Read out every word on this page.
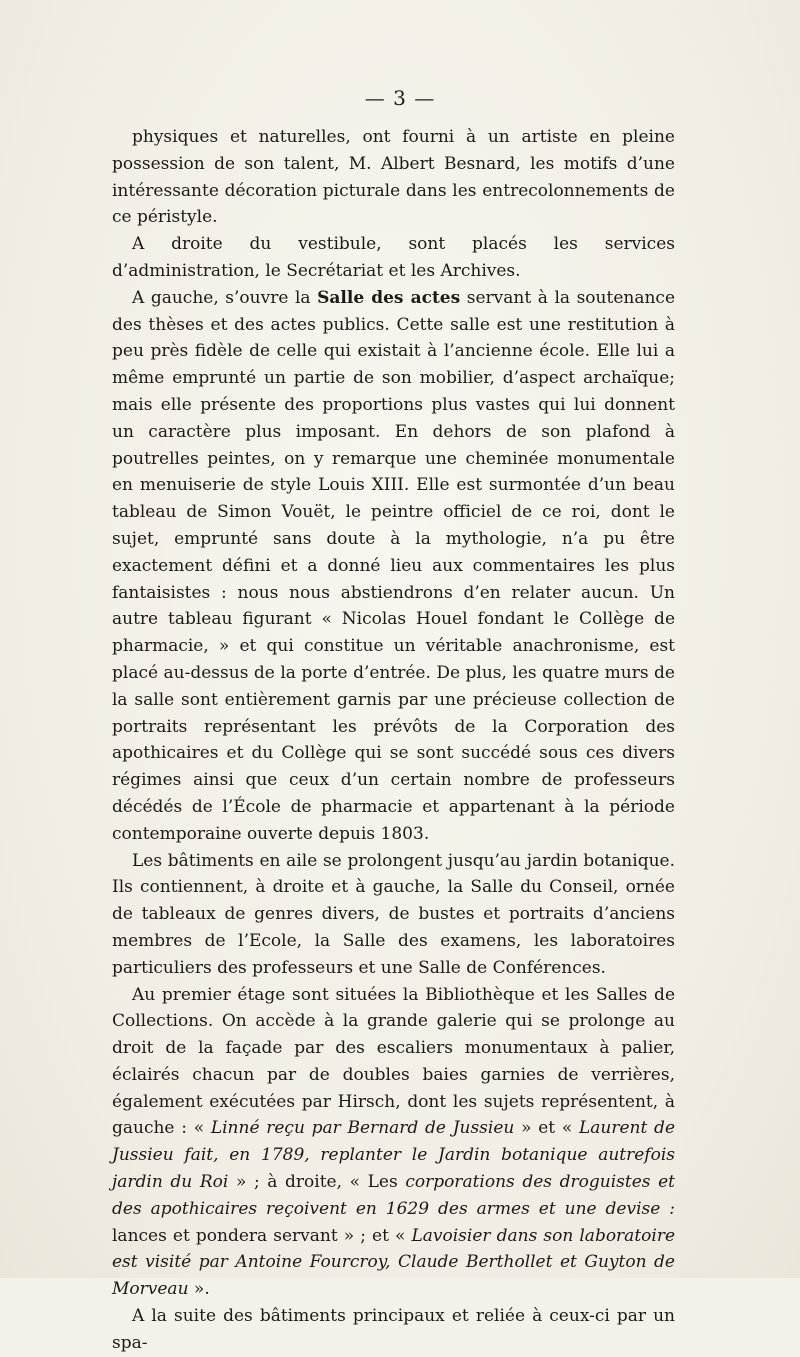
— 3 —

physiques et naturelles, ont fourni à un artiste en pleine possession de son talent, M. Albert Besnard, les motifs d’une intéressante décoration picturale dans les entrecolonnements de ce péristyle.

A droite du vestibule, sont placés les services d’administration, le Secrétariat et les Archives.

A gauche, s’ouvre la Salle des actes servant à la soutenance des thèses et des actes publics. Cette salle est une restitution à peu près fidèle de celle qui existait à l’ancienne école. Elle lui a même emprunté un partie de son mobilier, d’aspect archaïque; mais elle présente des proportions plus vastes qui lui donnent un caractère plus imposant. En dehors de son plafond à poutrelles peintes, on y remarque une cheminée monumentale en menuiserie de style Louis XIII. Elle est surmontée d’un beau tableau de Simon Vouët, le peintre officiel de ce roi, dont le sujet, emprunté sans doute à la mythologie, n’a pu être exactement défini et a donné lieu aux commentaires les plus fantaisistes : nous nous abstiendrons d’en relater aucun. Un autre tableau figurant « Nicolas Houel fondant le Collège de pharmacie, » et qui constitue un véritable anachronisme, est placé au-dessus de la porte d’entrée. De plus, les quatre murs de la salle sont entièrement garnis par une précieuse collection de portraits représentant les prévôts de la Corporation des apothicaires et du Collège qui se sont succédé sous ces divers régimes ainsi que ceux d’un certain nombre de professeurs décédés de l’École de pharmacie et appartenant à la période contemporaine ouverte depuis 1803.

Les bâtiments en aile se prolongent jusqu’au jardin botanique. Ils contiennent, à droite et à gauche, la Salle du Conseil, ornée de tableaux de genres divers, de bustes et portraits d’anciens membres de l’Ecole, la Salle des examens, les laboratoires particuliers des professeurs et une Salle de Conférences.

Au premier étage sont situées la Bibliothèque et les Salles de Collections. On accède à la grande galerie qui se prolonge au droit de la façade par des escaliers monumentaux à palier, éclairés chacun par de doubles baies garnies de verrières, également exécutées par Hirsch, dont les sujets représentent, à gauche : « Linné reçu par Bernard de Jussieu » et « Laurent de Jussieu fait, en 1789, replanter le Jardin botanique autrefois jardin du Roi » ; à droite, « Les corporations des droguistes et des apothicaires reçoivent en 1629 des armes et une devise : lances et pondera servant » ; et « Lavoisier dans son laboratoire est visité par Antoine Fourcroy, Claude Berthollet et Guyton de Morveau ».

A la suite des bâtiments principaux et reliée à ceux-ci par un spa-
